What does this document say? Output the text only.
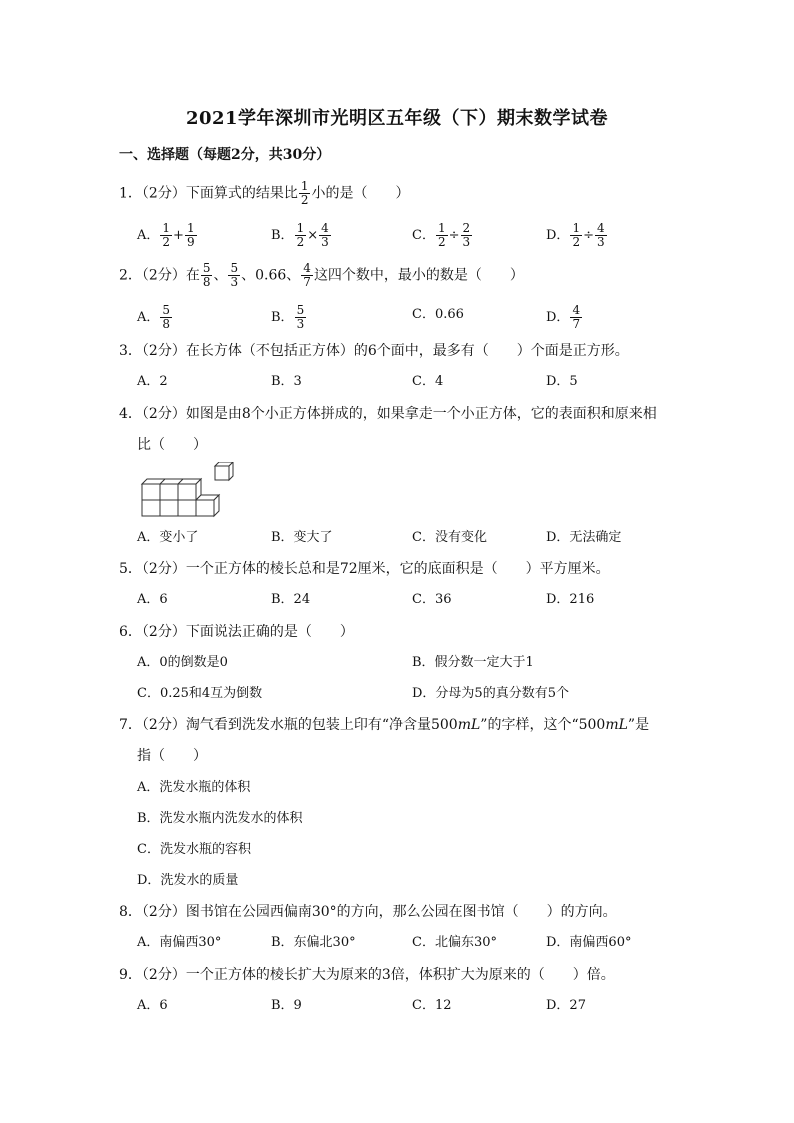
2021学年深圳市光明区五年级（下）期末数学试卷
一、选择题（每题2分，共30分）
1．（2分）下面算式的结果比 $\frac{1}{2}$ 小的是（　　）
A． $\frac{1}{2} + \frac{1}{9}$	B． $\frac{1}{2} \times \frac{4}{3}$	C． $\frac{1}{2} \div \frac{2}{3}$	D． $\frac{1}{2} \div \frac{4}{3}$
2．（2分）在 $\frac{5}{8}$ 、 $\frac{5}{3}$ 、0.66、 $\frac{4}{7}$ 这四个数中，最小的数是（　　）
A． $\frac{5}{8}$	B． $\frac{5}{3}$	C．0.66	D． $\frac{4}{7}$
3．（2分）在长方体（不包括正方体）的6个面中，最多有（　　）个面是正方形。
A．2	B．3	C．4	D．5
4．（2分）如图是由8个小正方体拼成的，如果拿走一个小正方体，它的表面积和原来相
比（　　）
A．变小了	B．变大了	C．没有变化	D．无法确定
5．（2分）一个正方体的棱长总和是72厘米，它的底面积是（　　）平方厘米。
A．6	B．24	C．36	D．216
6．（2分）下面说法正确的是（　　）
A．0的倒数是0	B．假分数一定大于1
C．0.25和4互为倒数	D．分母为5的真分数有5个
7．（2分）淘气看到洗发水瓶的包装上印有“净含量500mL”的字样，这个“500mL”是
指（　　）
A．洗发水瓶的体积
B．洗发水瓶内洗发水的体积
C．洗发水瓶的容积
D．洗发水的质量
8．（2分）图书馆在公园西偏南30°的方向，那么公园在图书馆（　　）的方向。
A．南偏西30°	B．东偏北30°	C．北偏东30°	D．南偏西60°
9．（2分）一个正方体的棱长扩大为原来的3倍，体积扩大为原来的（　　）倍。
A．6	B．9	C．12	D．27
